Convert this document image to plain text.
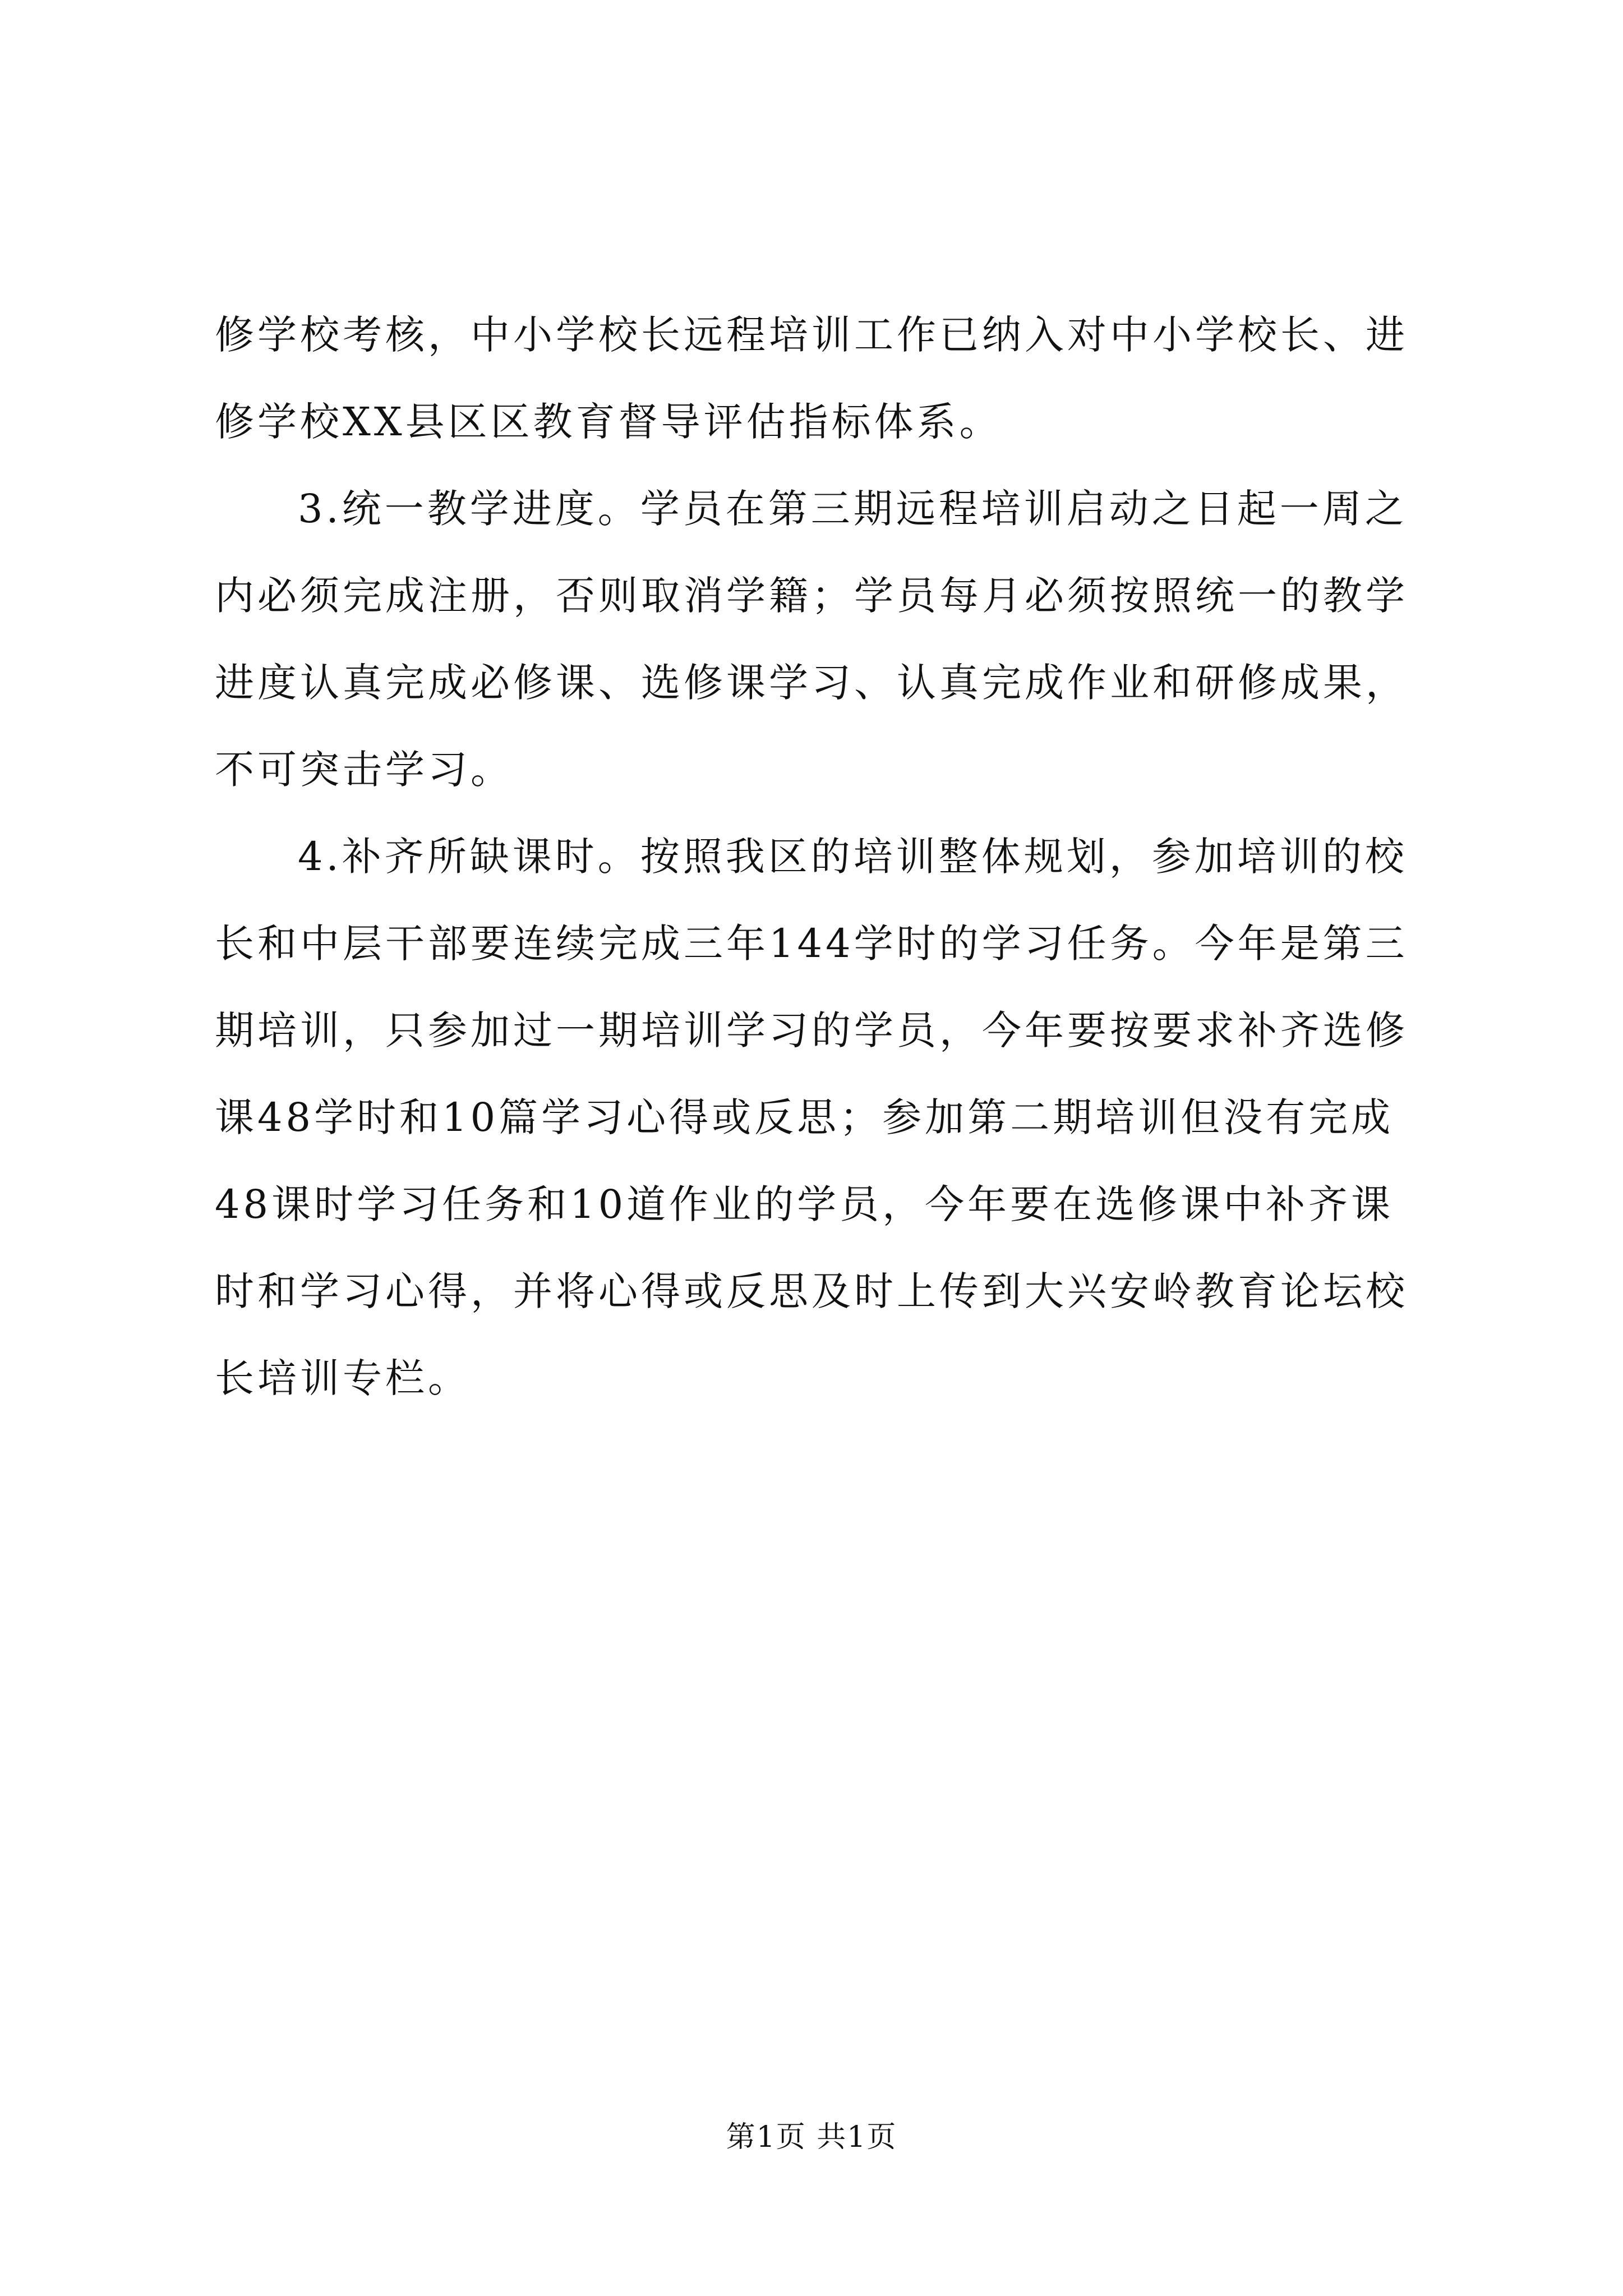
修学校考核，中小学校长远程培训工作已纳入对中小学校长、进
修学校XX县区区教育督导评估指标体系。
3.统一教学进度。学员在第三期远程培训启动之日起一周之
内必须完成注册，否则取消学籍；学员每月必须按照统一的教学
进度认真完成必修课、选修课学习、认真完成作业和研修成果，
不可突击学习。
4.补齐所缺课时。按照我区的培训整体规划，参加培训的校
长和中层干部要连续完成三年144学时的学习任务。今年是第三
期培训，只参加过一期培训学习的学员，今年要按要求补齐选修
课48学时和10篇学习心得或反思；参加第二期培训但没有完成
48课时学习任务和10道作业的学员，今年要在选修课中补齐课
时和学习心得，并将心得或反思及时上传到大兴安岭教育论坛校
长培训专栏。
第1页 共1页
